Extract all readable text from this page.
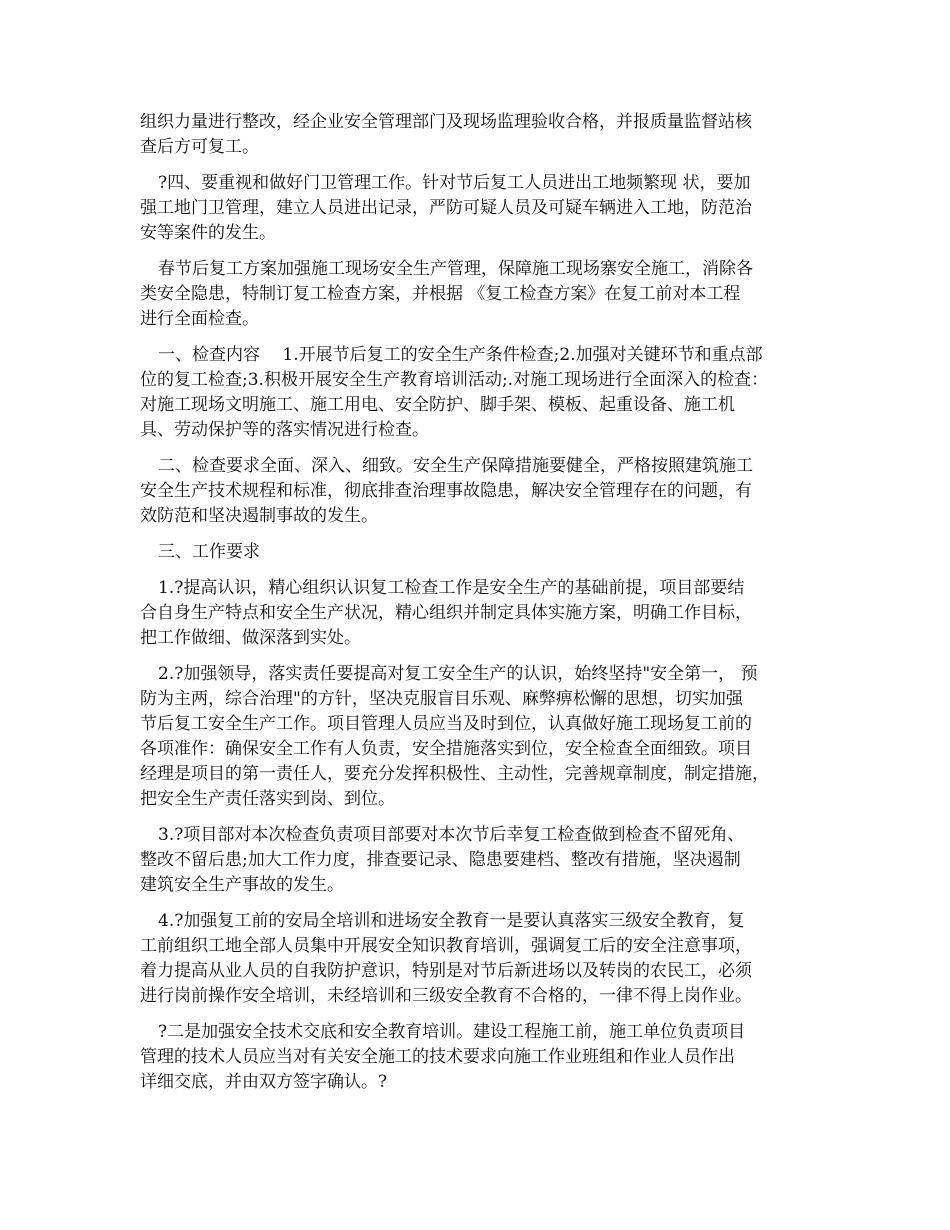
组织力量进行整改，经企业安全管理部门及现场监理验收合格，并报质量监督站核
查后方可复工。

?四、要重视和做好门卫管理工作。针对节后复工人员进出工地频繁现 状，要加
强工地门卫管理，建立人员进出记录，严防可疑人员及可疑车辆进入工地，防范治
安等案件的发生。

春节后复工方案加强施工现场安全生产管理，保障施工现场寨安全施工，消除各
类安全隐患，特制订复工检查方案，并根据 《复工检查方案》在复工前对本工程
进行全面检查。

一、检查内容　 1.开展节后复工的安全生产条件检查;2.加强对关键环节和重点部
位的复工检查;3.积极开展安全生产教育培训活动;.对施工现场进行全面深入的检查：
对施工现场文明施工、施工用电、安全防护、脚手架、模板、起重设备、施工机
具、劳动保护等的落实情况进行检查。

二、检查要求全面、深入、细致。安全生产保障措施要健全，严格按照建筑施工
安全生产技术规程和标准，彻底排查治理事故隐患，解决安全管理存在的问题，有
效防范和坚决遏制事故的发生。

三、工作要求

1.?提高认识，精心组织认识复工检查工作是安全生产的基础前提，项目部要结
合自身生产特点和安全生产状况，精心组织并制定具体实施方案，明确工作目标，
把工作做细、做深落到实处。

2.?加强领导，落实责任要提高对复工安全生产的认识，始终坚持"安全第一， 预
防为主两，综合治理"的方针，坚决克服盲目乐观、麻弊痹松懈的思想，切实加强
节后复工安全生产工作。项目管理人员应当及时到位，认真做好施工现场复工前的
各项准作：确保安全工作有人负责，安全措施落实到位，安全检查全面细致。项目
经理是项目的第一责任人，要充分发挥积极性、主动性，完善规章制度，制定措施，
把安全生产责任落实到岗、到位。

3.?项目部对本次检查负责项目部要对本次节后幸复工检查做到检查不留死角、
整改不留后患;加大工作力度，排查要记录、隐患要建档、整改有措施，坚决遏制
建筑安全生产事故的发生。

4.?加强复工前的安局全培训和进场安全教育一是要认真落实三级安全教育，复
工前组织工地全部人员集中开展安全知识教育培训，强调复工后的安全注意事项，
着力提高从业人员的自我防护意识，特别是对节后新进场以及转岗的农民工，必须
进行岗前操作安全培训，未经培训和三级安全教育不合格的，一律不得上岗作业。

?二是加强安全技术交底和安全教育培训。建设工程施工前，施工单位负责项目
管理的技术人员应当对有关安全施工的技术要求向施工作业班组和作业人员作出
详细交底，并由双方签字确认。?
